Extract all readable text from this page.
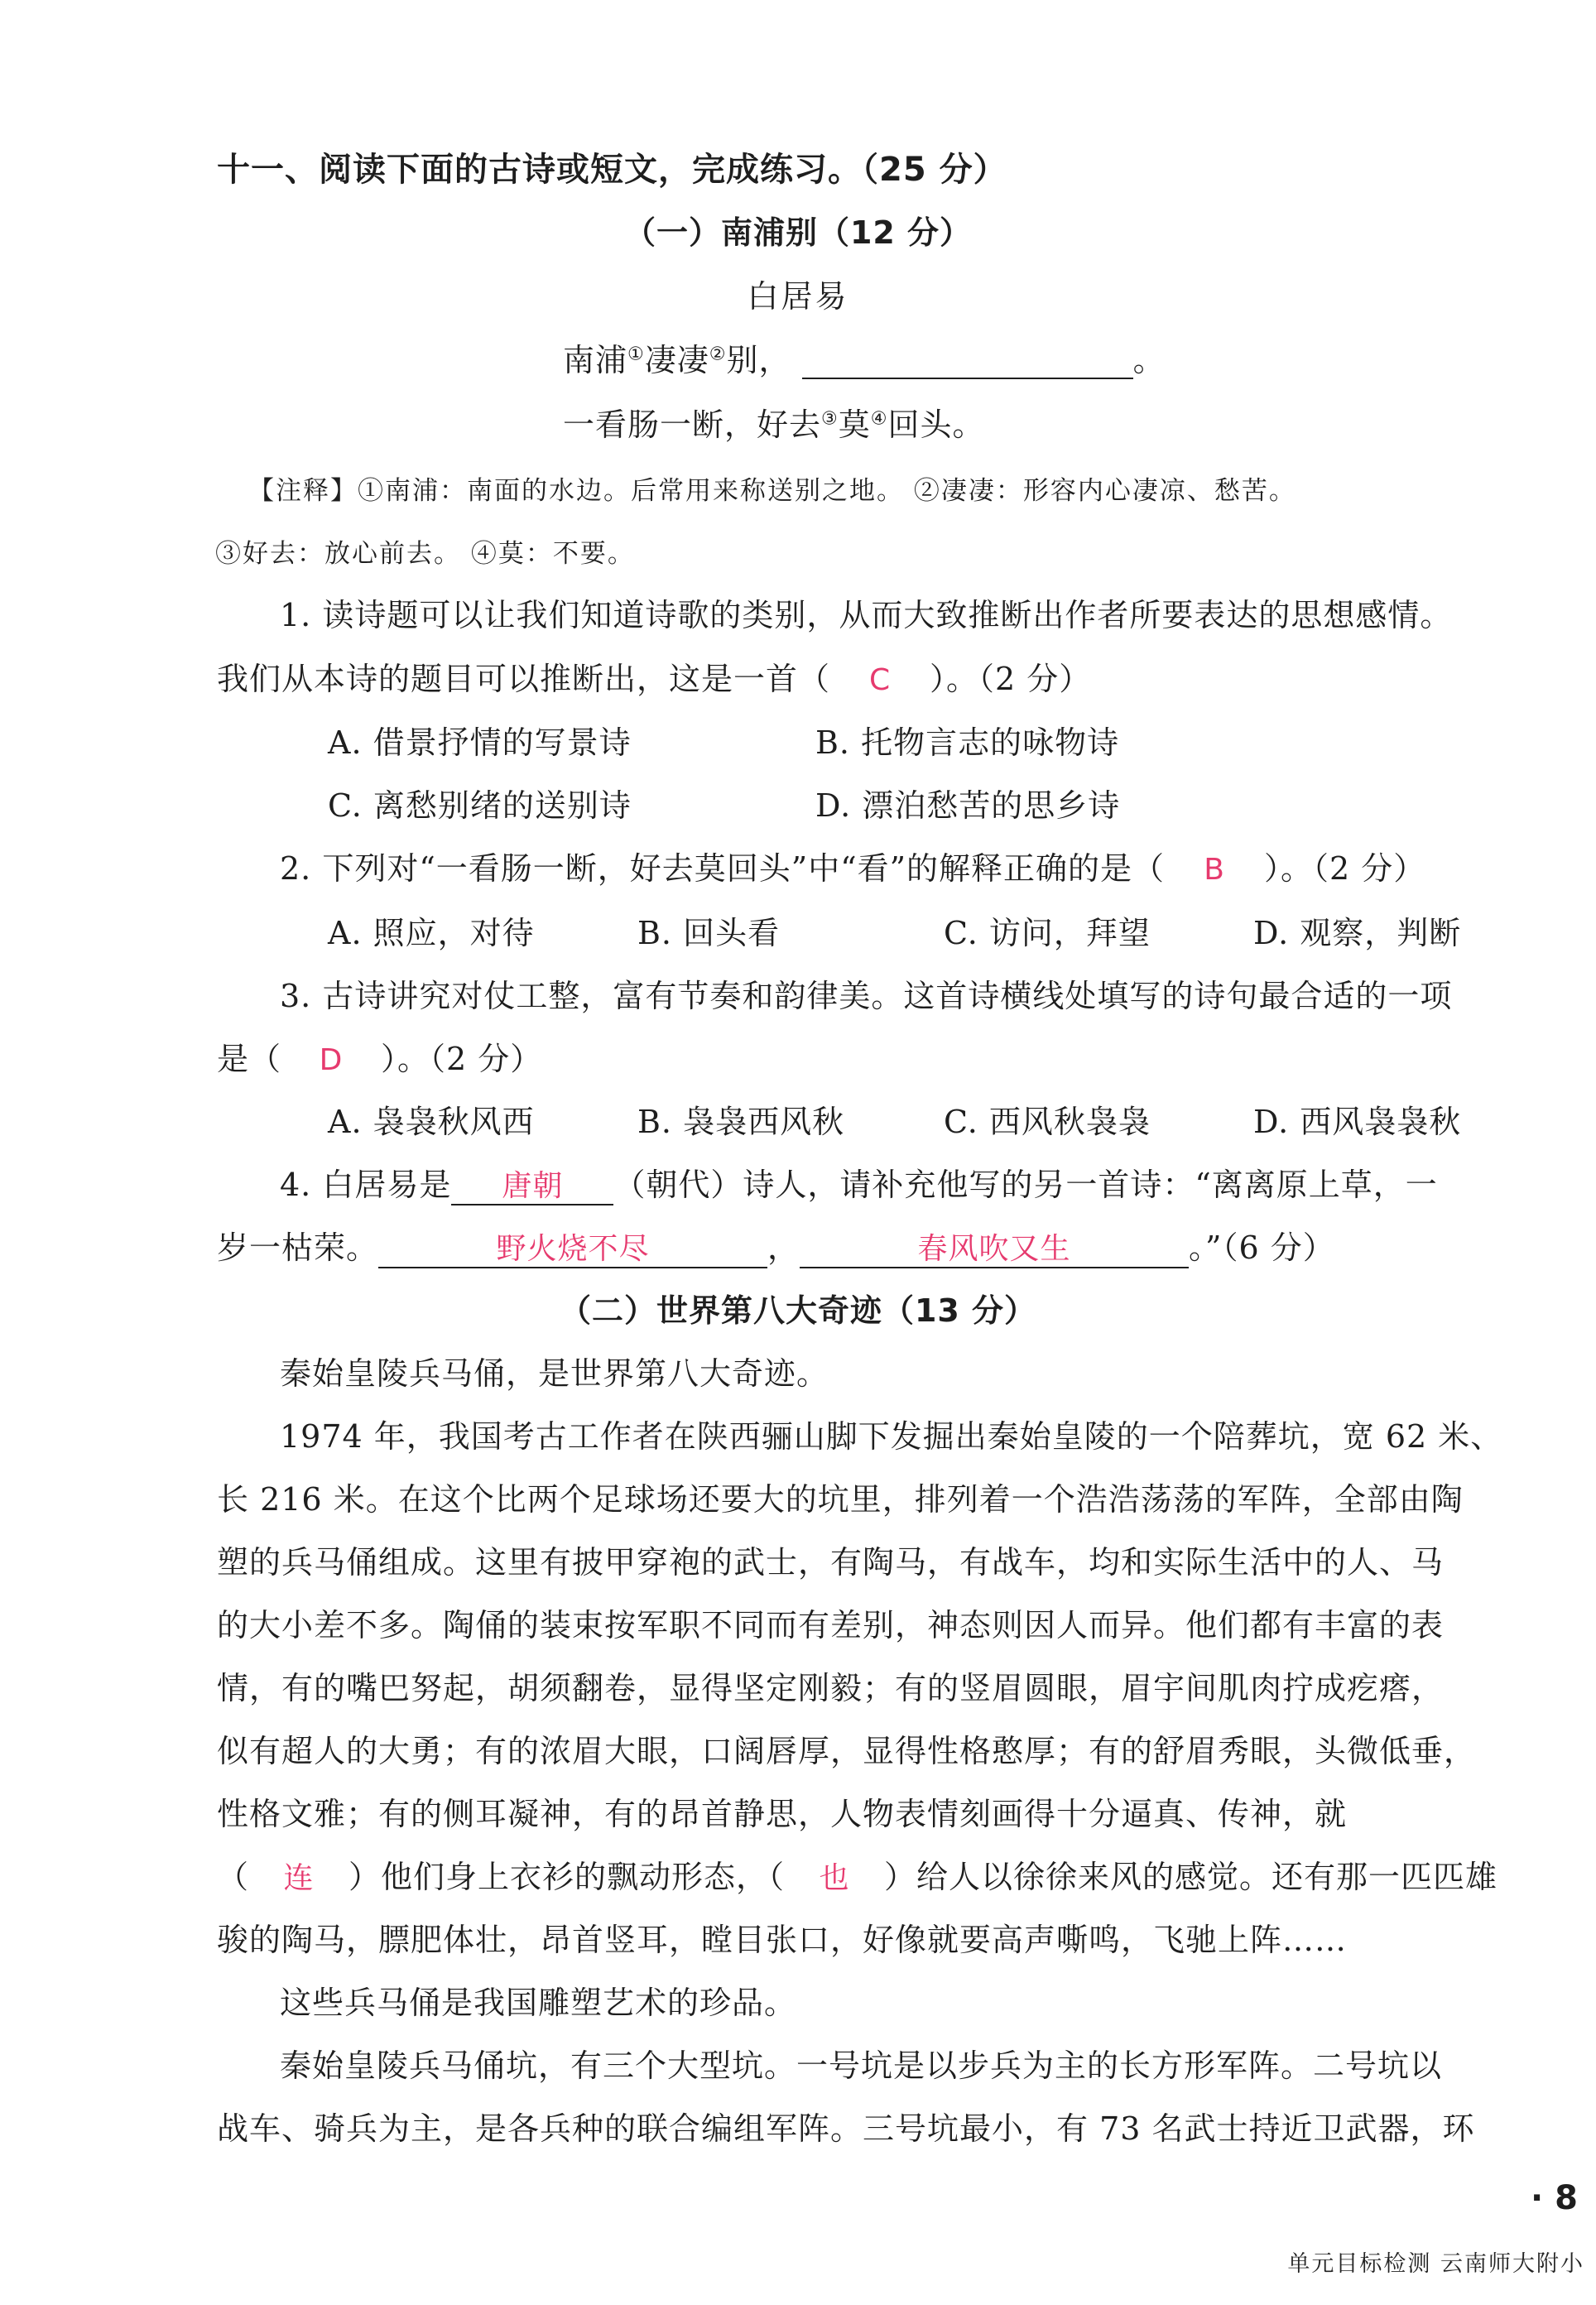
十一、阅读下面的古诗或短文，完成练习。（25 分）
（一）南浦别（12 分）
白居易
南浦①凄凄②别，	。
一看肠一断，好去③莫④回头。
【注释】①南浦：南面的水边。后常用来称送别之地。 ②凄凄：形容内心凄凉、愁苦。
③好去：放心前去。 ④莫：不要。
1. 读诗题可以让我们知道诗歌的类别，从而大致推断出作者所要表达的思想感情。
我们从本诗的题目可以推断出，这是一首（ C ）。（2 分）
A. 借景抒情的写景诗	B. 托物言志的咏物诗
C. 离愁别绪的送别诗	D. 漂泊愁苦的思乡诗
2. 下列对“一看肠一断，好去莫回头”中“看”的解释正确的是（ B ）。（2 分）
A. 照应，对待	B. 回头看	C. 访问，拜望	D. 观察，判断
3. 古诗讲究对仗工整，富有节奏和韵律美。这首诗横线处填写的诗句最合适的一项
是（ D ）。（2 分）
A. 袅袅秋风西	B. 袅袅西风秋	C. 西风秋袅袅	D. 西风袅袅秋
4. 白居易是 唐朝 （朝代）诗人，请补充他写的另一首诗：“离离原上草，一
岁一枯荣。	野火烧不尽	，	春风吹又生	。”（6 分）
（二）世界第八大奇迹（13 分）
秦始皇陵兵马俑，是世界第八大奇迹。
1974 年，我国考古工作者在陕西骊山脚下发掘出秦始皇陵的一个陪葬坑，宽 62 米、
长 216 米。在这个比两个足球场还要大的坑里，排列着一个浩浩荡荡的军阵，全部由陶
塑的兵马俑组成。这里有披甲穿袍的武士，有陶马，有战车，均和实际生活中的人、马
的大小差不多。陶俑的装束按军职不同而有差别，神态则因人而异。他们都有丰富的表
情，有的嘴巴努起，胡须翻卷，显得坚定刚毅；有的竖眉圆眼，眉宇间肌肉拧成疙瘩，
似有超人的大勇；有的浓眉大眼，口阔唇厚，显得性格憨厚；有的舒眉秀眼，头微低垂，
性格文雅；有的侧耳凝神，有的昂首静思，人物表情刻画得十分逼真、传神，就
（ 连 ）他们身上衣衫的飘动形态，（ 也 ）给人以徐徐来风的感觉。还有那一匹匹雄
骏的陶马，膘肥体壮，昂首竖耳，瞠目张口，好像就要高声嘶鸣，飞驰上阵……
这些兵马俑是我国雕塑艺术的珍品。
秦始皇陵兵马俑坑，有三个大型坑。一号坑是以步兵为主的长方形军阵。二号坑以
战车、骑兵为主，是各兵种的联合编组军阵。三号坑最小，有 73 名武士持近卫武器，环
· 8
单元目标检测 云南师大附小
